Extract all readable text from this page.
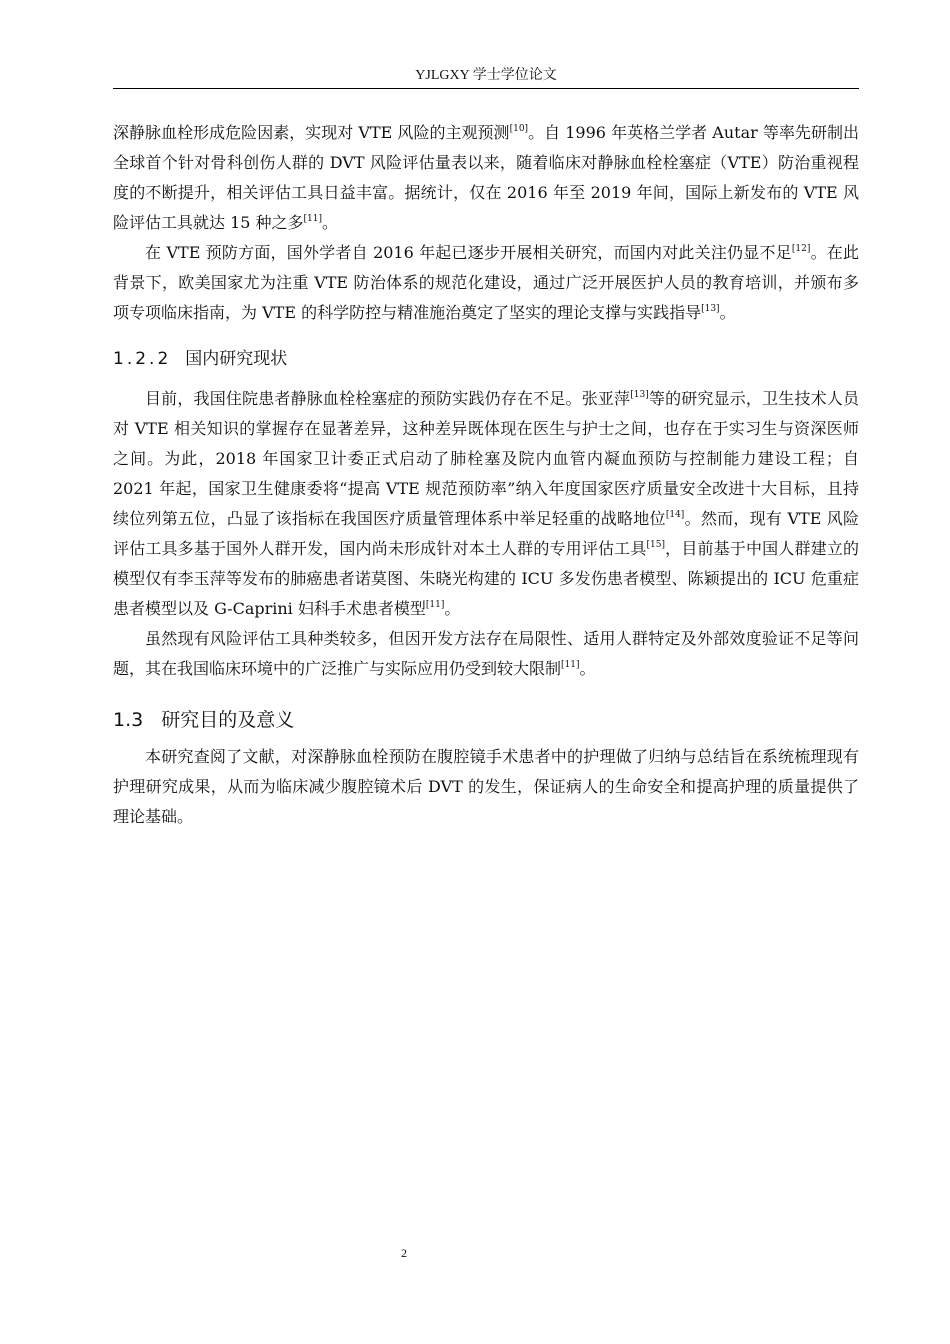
YJLGXY 学士学位论文

深静脉血栓形成危险因素，实现对 VTE 风险的主观预测[10]。自 1996 年英格兰学者 Autar 等率先研制出全球首个针对骨科创伤人群的 DVT 风险评估量表以来，随着临床对静脉血栓栓塞症（VTE）防治重视程度的不断提升，相关评估工具日益丰富。据统计，仅在 2016 年至 2019 年间，国际上新发布的 VTE 风险评估工具就达 15 种之多[11]。

在 VTE 预防方面，国外学者自 2016 年起已逐步开展相关研究，而国内对此关注仍显不足[12]。在此背景下，欧美国家尤为注重 VTE 防治体系的规范化建设，通过广泛开展医护人员的教育培训，并颁布多项专项临床指南，为 VTE 的科学防控与精准施治奠定了坚实的理论支撑与实践指导[13]。

1.2.2 国内研究现状

目前，我国住院患者静脉血栓栓塞症的预防实践仍存在不足。张亚萍[13]等的研究显示，卫生技术人员对 VTE 相关知识的掌握存在显著差异，这种差异既体现在医生与护士之间，也存在于实习生与资深医师之间。为此，2018 年国家卫计委正式启动了肺栓塞及院内血管内凝血预防与控制能力建设工程；自 2021 年起，国家卫生健康委将“提高 VTE 规范预防率”纳入年度国家医疗质量安全改进十大目标，且持续位列第五位，凸显了该指标在我国医疗质量管理体系中举足轻重的战略地位[14]。然而，现有 VTE 风险评估工具多基于国外人群开发，国内尚未形成针对本土人群的专用评估工具[15]，目前基于中国人群建立的模型仅有李玉萍等发布的肺癌患者诺莫图、朱晓光构建的 ICU 多发伤患者模型、陈颖提出的 ICU 危重症患者模型以及 G-Caprini 妇科手术患者模型[11]。

虽然现有风险评估工具种类较多，但因开发方法存在局限性、适用人群特定及外部效度验证不足等问题，其在我国临床环境中的广泛推广与实际应用仍受到较大限制[11]。

1.3 研究目的及意义

本研究查阅了文献，对深静脉血栓预防在腹腔镜手术患者中的护理做了归纳与总结旨在系统梳理现有护理研究成果，从而为临床减少腹腔镜术后 DVT 的发生，保证病人的生命安全和提高护理的质量提供了理论基础。

2
